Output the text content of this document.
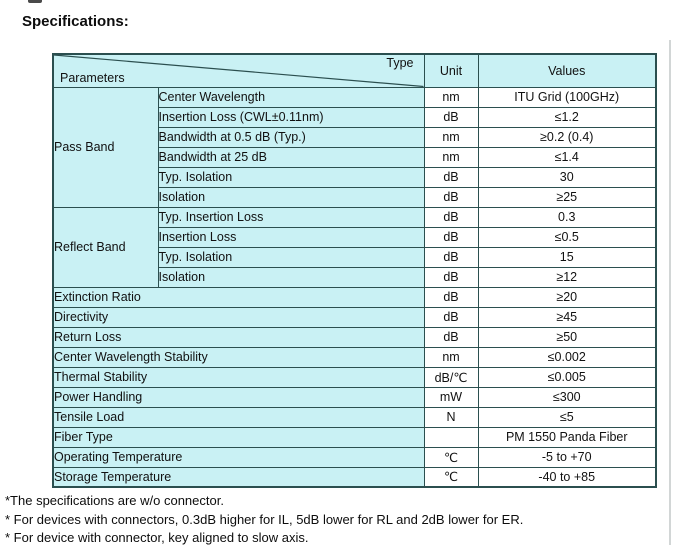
Specifications:
Type
Parameters		Unit	Values
Pass Band	Center Wavelength	nm	ITU Grid (100GHz)
	Insertion Loss (CWL±0.11nm)	dB	≤1.2
	Bandwidth at 0.5 dB (Typ.)	nm	≥0.2 (0.4)
	Bandwidth at 25 dB	nm	≤1.4
	Typ. Isolation	dB	30
	Isolation	dB	≥25
Reflect Band	Typ. Insertion Loss	dB	0.3
	Insertion Loss	dB	≤0.5
	Typ. Isolation	dB	15
	Isolation	dB	≥12
Extinction Ratio		dB	≥20
Directivity		dB	≥45
Return Loss		dB	≥50
Center Wavelength Stability		nm	≤0.002
Thermal Stability		dB/℃	≤0.005
Power Handling		mW	≤300
Tensile Load		N	≤5
Fiber Type			PM 1550 Panda Fiber
Operating Temperature		℃	-5 to +70
Storage Temperature		℃	-40 to +85

*The specifications are w/o connector.

* For devices with connectors, 0.3dB higher for IL, 5dB lower for RL and 2dB lower for ER.

* For device with connector, key aligned to slow axis.
